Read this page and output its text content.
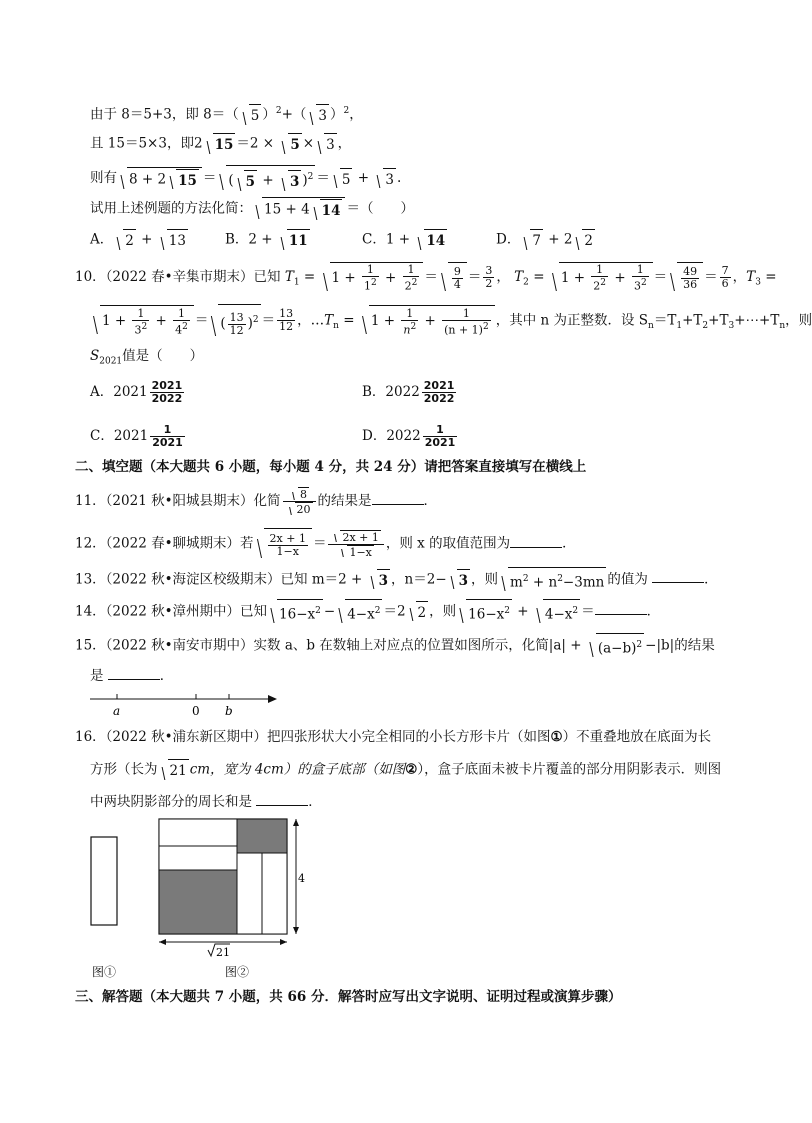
由于 8＝5+3，即 8＝（ 5 ）$^2$+（ 3 ）$^2$，
且 15＝5×3，即2 15 ＝2 × 5 × 3 ，
则有 8 + 2 15 ＝ ( 5 + 3 )$^2$ ＝ 5 + 3 .
试用上述例题的方法化简： 15 + 4 14 ＝（　　）
A． 2 + 13	B．2 + 11	C．1 + 14	D． 7 + 2 2
10．（2022 春•辛集市期末）已知 $T_1 = 1 + \frac{1}{1^2} + \frac{1}{2^2} = \frac{9}{4} = \frac{3}{2}$ ， $T_2 = 1 + \frac{1}{2^2} + \frac{1}{3^2} = \frac{49}{36} = \frac{7}{6}$ ，$T_3$ =
$1 + \frac{1}{3^2} + \frac{1}{4^2}$ ＝ ( $\frac{13}{12} )^2 = \frac{13}{12}$ ，$\dots T_n = 1 + \frac{1}{n^2} + \frac{1}{(n + 1)^2}$ ，其中 n 为正整数．设 $S_n=T_1+T_2+T_3+\cdots+T_n$，则
$S_{2021}$值是（　　）
A．$2021 \frac{2021}{2022}$	B．$2022 \frac{2021}{2022}$
C．$2021 \frac{1}{2021}$	D．$2022 \frac{1}{2021}$
二、填空题（本大题共 6 小题，每小题 4 分，共 24 分）请把答案直接填写在横线上
11．（2021 秋•阳城县期末）化简 $\frac{8}{20}$ 的结果是	．
12．（2022 春•聊城期末）若 $\frac{2x + 1}{1-x} = \frac{2x + 1}{1-x}$ ，则 x 的取值范围为	．
13．（2022 秋•海淀区校级期末）已知 m＝2 + 3 ，n＝2− 3 ，则 $m^2 + n^2-3mn$ 的值为	．
14．（2022 秋•漳州期中）已知 $16-x^2 - 4-x^2 =2$ 2 ，则 $16-x^2 + 4-x^2$ ＝	．
15．（2022 秋•南安市期中）实数 a、b 在数轴上对应点的位置如图所示，化简$|a| + (a-b)^2 -|b|$的结果
是	．
a	0 b
16．（2022 秋•浦东新区期中）把四张形状大小完全相同的小长方形卡片（如图①）不重叠地放在底面为长
方形（长为 21 cm，宽为 4cm）的盒子底部（如图②），盒子底面未被卡片覆盖的部分用阴影表示．则图
中两块阴影部分的周长和是	．
4
21
图①	图②
三、解答题（本大题共 7 小题，共 66 分．解答时应写出文字说明、证明过程或演算步骤）
